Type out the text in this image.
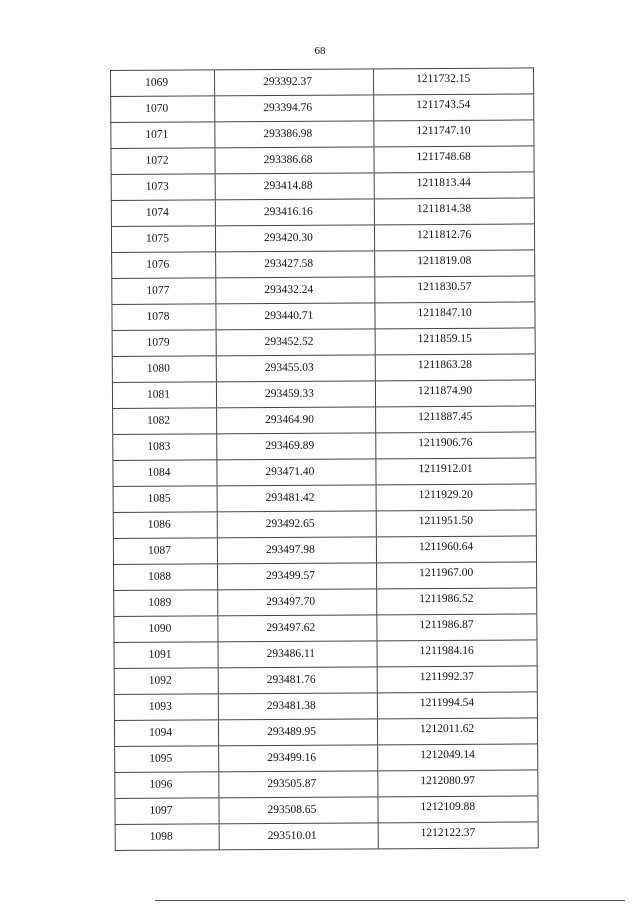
68
1069	293392.37	1211732.15
1070	293394.76	1211743.54
1071	293386.98	1211747.10
1072	293386.68	1211748.68
1073	293414.88	1211813.44
1074	293416.16	1211814.38
1075	293420.30	1211812.76
1076	293427.58	1211819.08
1077	293432.24	1211830.57
1078	293440.71	1211847.10
1079	293452.52	1211859.15
1080	293455.03	1211863.28
1081	293459.33	1211874.90
1082	293464.90	1211887.45
1083	293469.89	1211906.76
1084	293471.40	1211912.01
1085	293481.42	1211929.20
1086	293492.65	1211951.50
1087	293497.98	1211960.64
1088	293499.57	1211967.00
1089	293497.70	1211986.52
1090	293497.62	1211986.87
1091	293486.11	1211984.16
1092	293481.76	1211992.37
1093	293481.38	1211994.54
1094	293489.95	1212011.62
1095	293499.16	1212049.14
1096	293505.87	1212080.97
1097	293508.65	1212109.88
1098	293510.01	1212122.37
